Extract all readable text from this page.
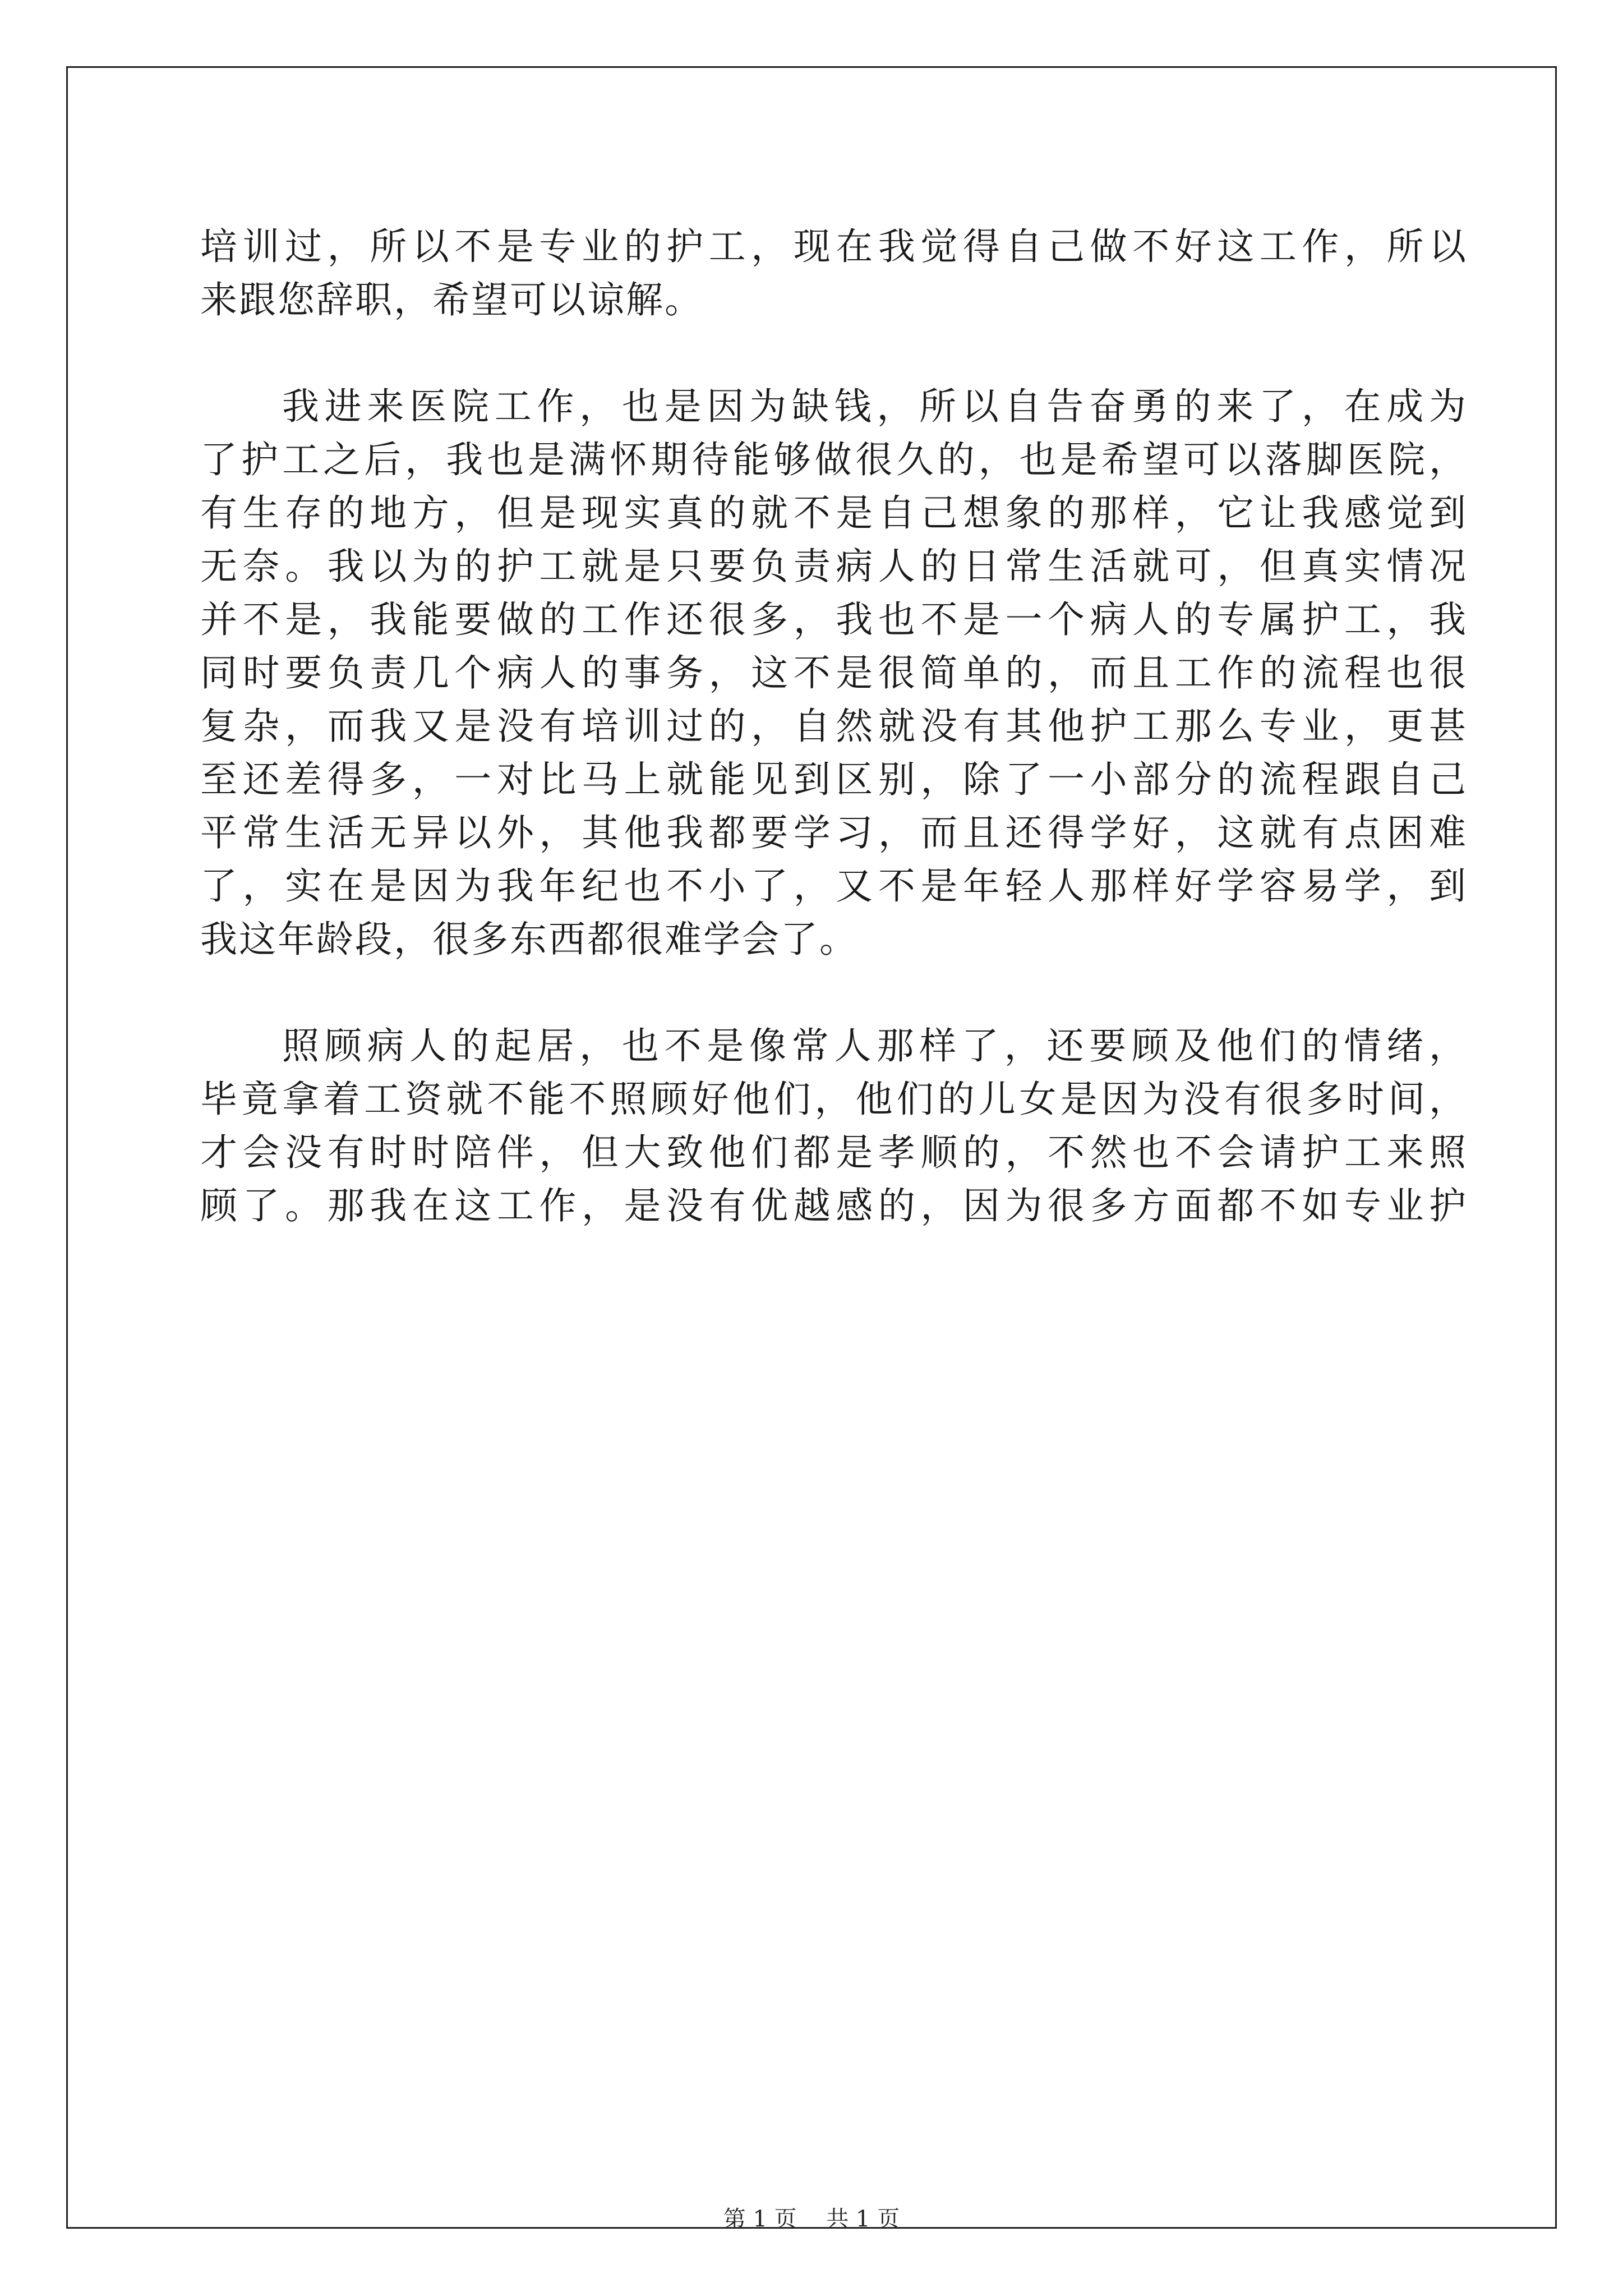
培训过，所以不是专业的护工，现在我觉得自己做不好这工作，所以
来跟您辞职，希望可以谅解。
我进来医院工作，也是因为缺钱，所以自告奋勇的来了，在成为
了护工之后，我也是满怀期待能够做很久的，也是希望可以落脚医院，
有生存的地方，但是现实真的就不是自己想象的那样，它让我感觉到
无奈。我以为的护工就是只要负责病人的日常生活就可，但真实情况
并不是，我能要做的工作还很多，我也不是一个病人的专属护工，我
同时要负责几个病人的事务，这不是很简单的，而且工作的流程也很
复杂，而我又是没有培训过的，自然就没有其他护工那么专业，更甚
至还差得多，一对比马上就能见到区别，除了一小部分的流程跟自己
平常生活无异以外，其他我都要学习，而且还得学好，这就有点困难
了，实在是因为我年纪也不小了，又不是年轻人那样好学容易学，到
我这年龄段，很多东西都很难学会了。
照顾病人的起居，也不是像常人那样了，还要顾及他们的情绪，
毕竟拿着工资就不能不照顾好他们，他们的儿女是因为没有很多时间，
才会没有时时陪伴，但大致他们都是孝顺的，不然也不会请护工来照
顾了。那我在这工作，是没有优越感的，因为很多方面都不如专业护
第 1 页　 共 1 页
